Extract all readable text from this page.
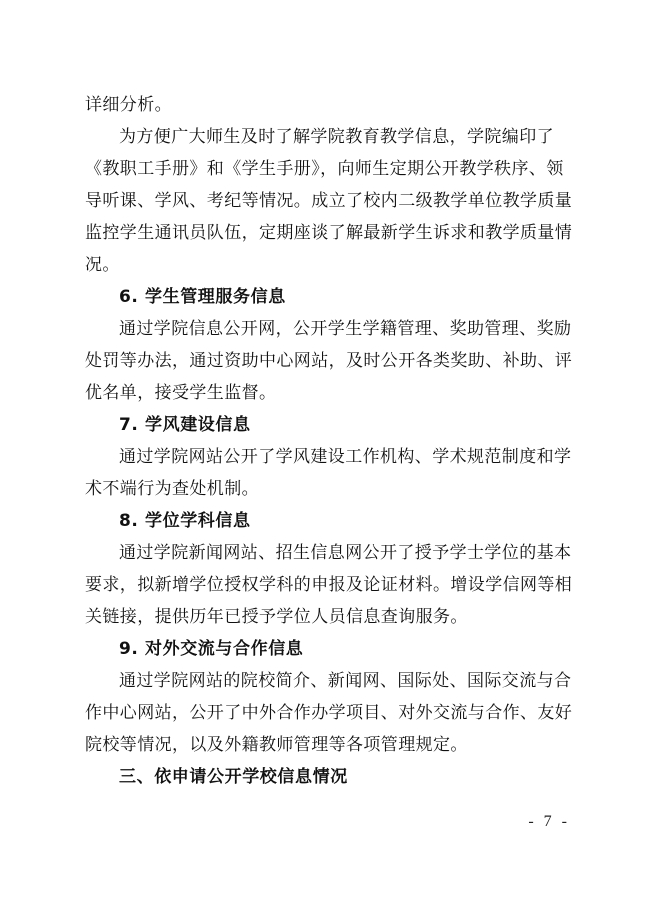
详细分析。
为方便广大师生及时了解学院教育教学信息，学院编印了
《教职工手册》和《学生手册》，向师生定期公开教学秩序、领
导听课、学风、考纪等情况。成立了校内二级教学单位教学质量
监控学生通讯员队伍，定期座谈了解最新学生诉求和教学质量情
况。
6. 学生管理服务信息
通过学院信息公开网，公开学生学籍管理、奖助管理、奖励
处罚等办法，通过资助中心网站，及时公开各类奖助、补助、评
优名单，接受学生监督。
7. 学风建设信息
通过学院网站公开了学风建设工作机构、学术规范制度和学
术不端行为查处机制。
8. 学位学科信息
通过学院新闻网站、招生信息网公开了授予学士学位的基本
要求，拟新增学位授权学科的申报及论证材料。增设学信网等相
关链接，提供历年已授予学位人员信息查询服务。
9. 对外交流与合作信息
通过学院网站的院校简介、新闻网、国际处、国际交流与合
作中心网站，公开了中外合作办学项目、对外交流与合作、友好
院校等情况，以及外籍教师管理等各项管理规定。
三、依申请公开学校信息情况
- 7 -
